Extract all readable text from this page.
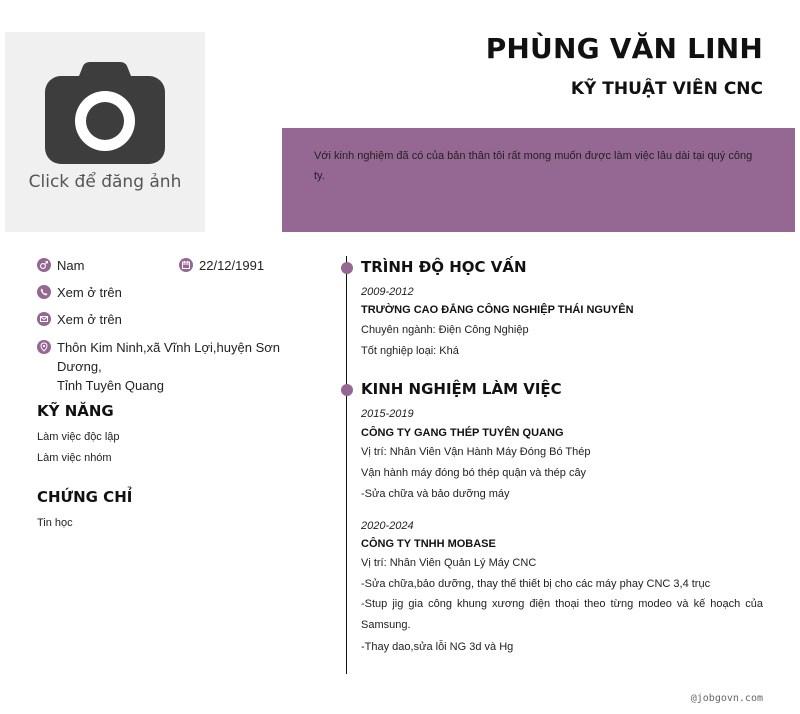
Click để đăng ảnh
PHÙNG VĂN LINH
KỸ THUẬT VIÊN CNC
Với kinh nghiệm đã có của bản thân tôi rất mong muốn được làm việc lâu dài tại quý công ty.
Nam	22/12/1991
Xem ở trên
Xem ở trên
Thôn Kim Ninh,xã Vĩnh Lợi,huyện Sơn Dương,
Tỉnh Tuyên Quang
KỸ NĂNG
Làm việc độc lập
Làm việc nhóm
CHỨNG CHỈ
Tin học
TRÌNH ĐỘ HỌC VẤN
2009-2012
TRƯỜNG CAO ĐẲNG CÔNG NGHIỆP THÁI NGUYÊN
Chuyên ngành: Điện Công Nghiệp
Tốt nghiệp loại: Khá
KINH NGHIỆM LÀM VIỆC
2015-2019
CÔNG TY GANG THÉP TUYÊN QUANG
Vị trí: Nhân Viên Vận Hành Máy Đóng Bó Thép
Vận hành máy đóng bó thép quận và thép cây
-Sửa chữa và bảo dưỡng máy
2020-2024
CÔNG TY TNHH MOBASE
Vị trí: Nhân Viên Quản Lý Máy CNC
-Sửa chữa,bảo dưỡng, thay thế thiết bị cho các máy phay CNC 3,4 trục
-Stup jig gia công khung xương điện thoại theo từng modeo và kế hoạch của Samsung.
-Thay dao,sửa lỗi NG 3d và Hg
@jobgovn.com
